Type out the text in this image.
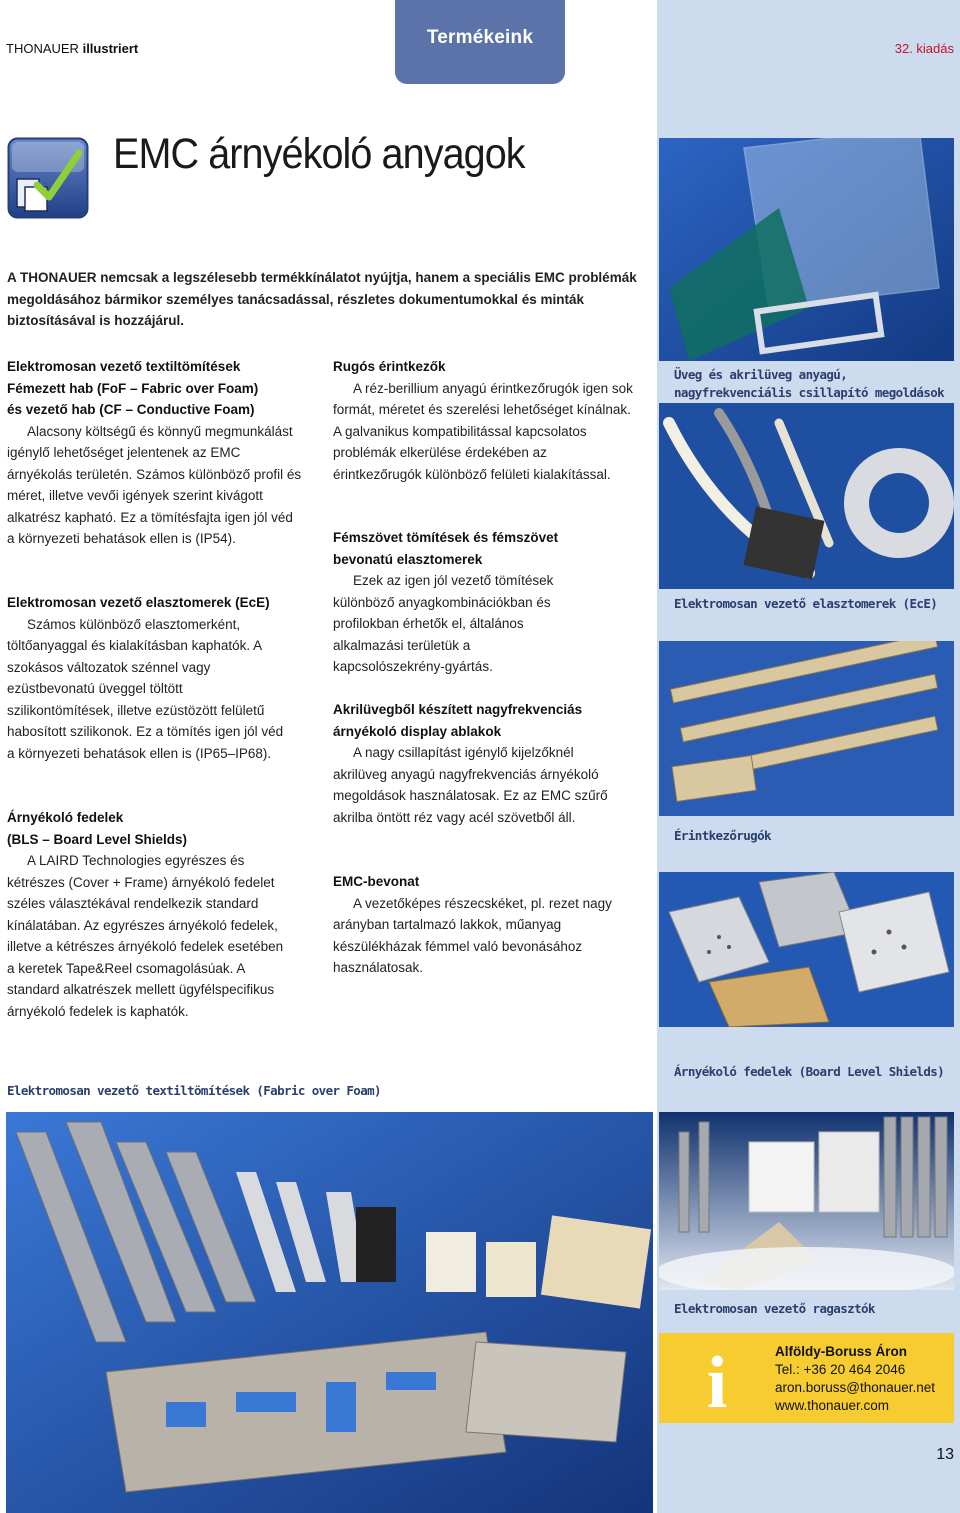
THONAUER illustriert
Termékeink
32. kiadás
EMC árnyékoló anyagok

A THONAUER nemcsak a legszélesebb termékkínálatot nyújtja, hanem a speciális EMC problémák megoldásához bármikor személyes tanácsadással, részletes dokumentumokkal és minták biztosításával is hozzájárul.

Elektromosan vezető textiltömítések
Fémezett hab (FoF – Fabric over Foam)
és vezető hab (CF – Conductive Foam)

Alacsony költségű és könnyű megmunkálást igénylő lehetőséget jelentenek az EMC árnyékolás területén. Számos különböző profil és méret, illetve vevői igények szerint kivágott alkatrész kapható. Ez a tömítésfajta igen jól véd a környezeti behatások ellen is (IP54).

Elektromosan vezető elasztomerek (EcE)

Számos különböző elasztomerként, töltőanyaggal és kialakításban kaphatók. A szokásos változatok szénnel vagy ezüstbevonatú üveggel töltött szilikontömítések, illetve ezüstözött felületű habosított szilikonok. Ez a tömítés igen jól véd a környezeti behatások ellen is (IP65–IP68).

Árnyékoló fedelek
(BLS – Board Level Shields)

A LAIRD Technologies egyrészes és kétrészes (Cover + Frame) árnyékoló fedelet széles választékával rendelkezik standard kínálatában. Az egyrészes árnyékoló fedelek, illetve a kétrészes árnyékoló fedelek esetében a keretek Tape&Reel csomagolásúak. A standard alkatrészek mellett ügyfélspecifikus árnyékoló fedelek is kaphatók.

Rugós érintkezők

A réz-berillium anyagú érintkezőrugók igen sok formát, méretet és szerelési lehetőséget kínálnak. A galvanikus kompatibilitással kapcsolatos problémák elkerülése érdekében az érintkezőrugók különböző felületi kialakítással.

Fémszövet tömítések és fémszövet bevonatú elasztomerek

Ezek az igen jól vezető tömítések különböző anyagkombinációkban és profilokban érhetők el, általános alkalmazási területük a kapcsolószekrény-gyártás.

Akrilüvegből készített nagyfrekvenciás árnyékoló display ablakok

A nagy csillapítást igénylő kijelzőknél akrilüveg anyagú nagyfrekvenciás árnyékoló megoldások használatosak. Ez az EMC szűrő akrilba öntött réz vagy acél szövetből áll.

EMC-bevonat

A vezetőképes részecskéket, pl. rezet nagy arányban tartalmazó lakkok, műanyag készülékházak fémmel való bevonásához használatosak.

Üveg és akrilüveg anyagú, nagyfrekvenciális csillapító megoldások
Elektromosan vezető elasztomerek (EcE)
Érintkezőrugók
Árnyékoló fedelek (Board Level Shields)
Elektromosan vezető textiltömítések (Fabric over Foam)
Elektromosan vezető ragasztók
i	Alföldy-Boruss Áron
Tel.: +36 20 464 2046
aron.boruss@thonauer.net
www.thonauer.com
13
